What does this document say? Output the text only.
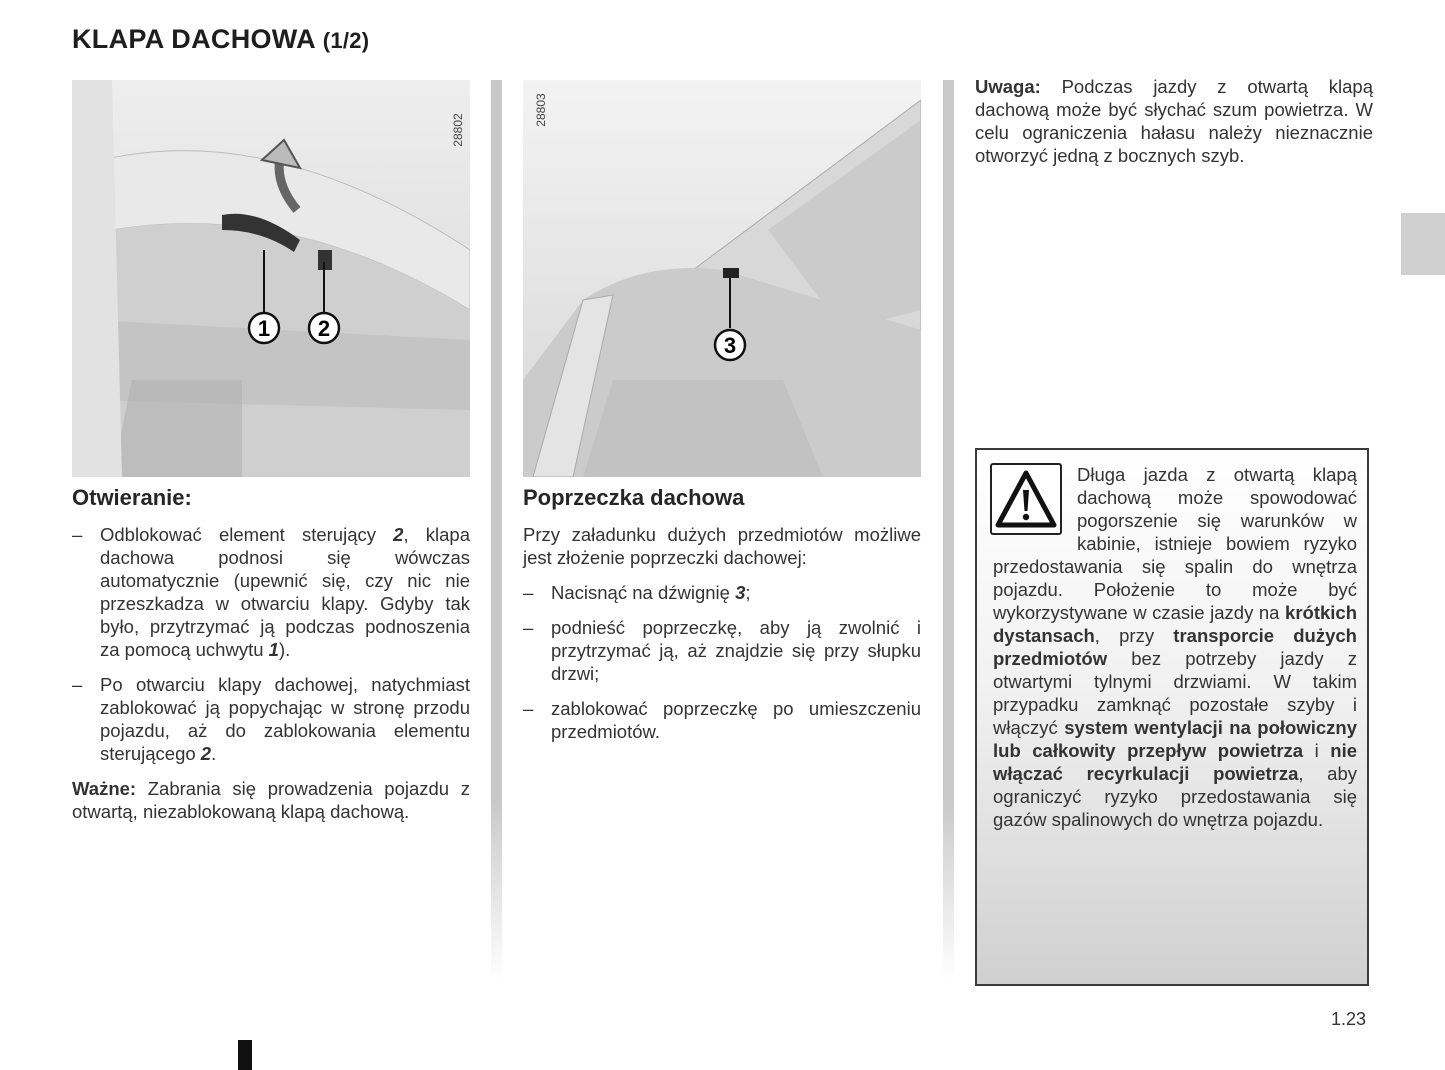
KLAPA DACHOWA (1/2)
1 2
28802
3
28803
Otwieranie:
– Odblokować element sterujący 2, klapa dachowa podnosi się wówczas automatycznie (upewnić się, czy nic nie przeszkadza w otwarciu klapy. Gdyby tak było, przytrzymać ją podczas podnoszenia za pomocą uchwytu 1).
– Po otwarciu klapy dachowej, natychmiast zablokować ją popychając w stronę przodu pojazdu, aż do zablokowania elementu sterującego 2.

Ważne: Zabrania się prowadzenia pojazdu z otwartą, niezablokowaną klapą dachową.

Poprzeczka dachowa

Przy załadunku dużych przedmiotów możliwe jest złożenie poprzeczki dachowej:

– Nacisnąć na dźwignię 3;
– podnieść poprzeczkę, aby ją zwolnić i przytrzymać ją, aż znajdzie się przy słupku drzwi;
– zablokować poprzeczkę po umieszczeniu przedmiotów.
Uwaga: Podczas jazdy z otwartą klapą dachową może być słychać szum powietrza. W celu ograniczenia hałasu należy nieznacznie otworzyć jedną z bocznych szyb.
Długa jazda z otwartą klapą dachową może spowodować pogorszenie się warunków w kabinie, istnieje bowiem ryzyko przedostawania się spalin do wnętrza pojazdu. Położenie to może być wykorzystywane w czasie jazdy na krótkich dystansach, przy transporcie dużych przedmiotów bez potrzeby jazdy z otwartymi tylnymi drzwiami. W takim przypadku zamknąć pozostałe szyby i włączyć system wentylacji na połowiczny lub całkowity przepływ powietrza i nie włączać recyrkulacji powietrza, aby ograniczyć ryzyko przedostawania się gazów spalinowych do wnętrza pojazdu.
1.23
